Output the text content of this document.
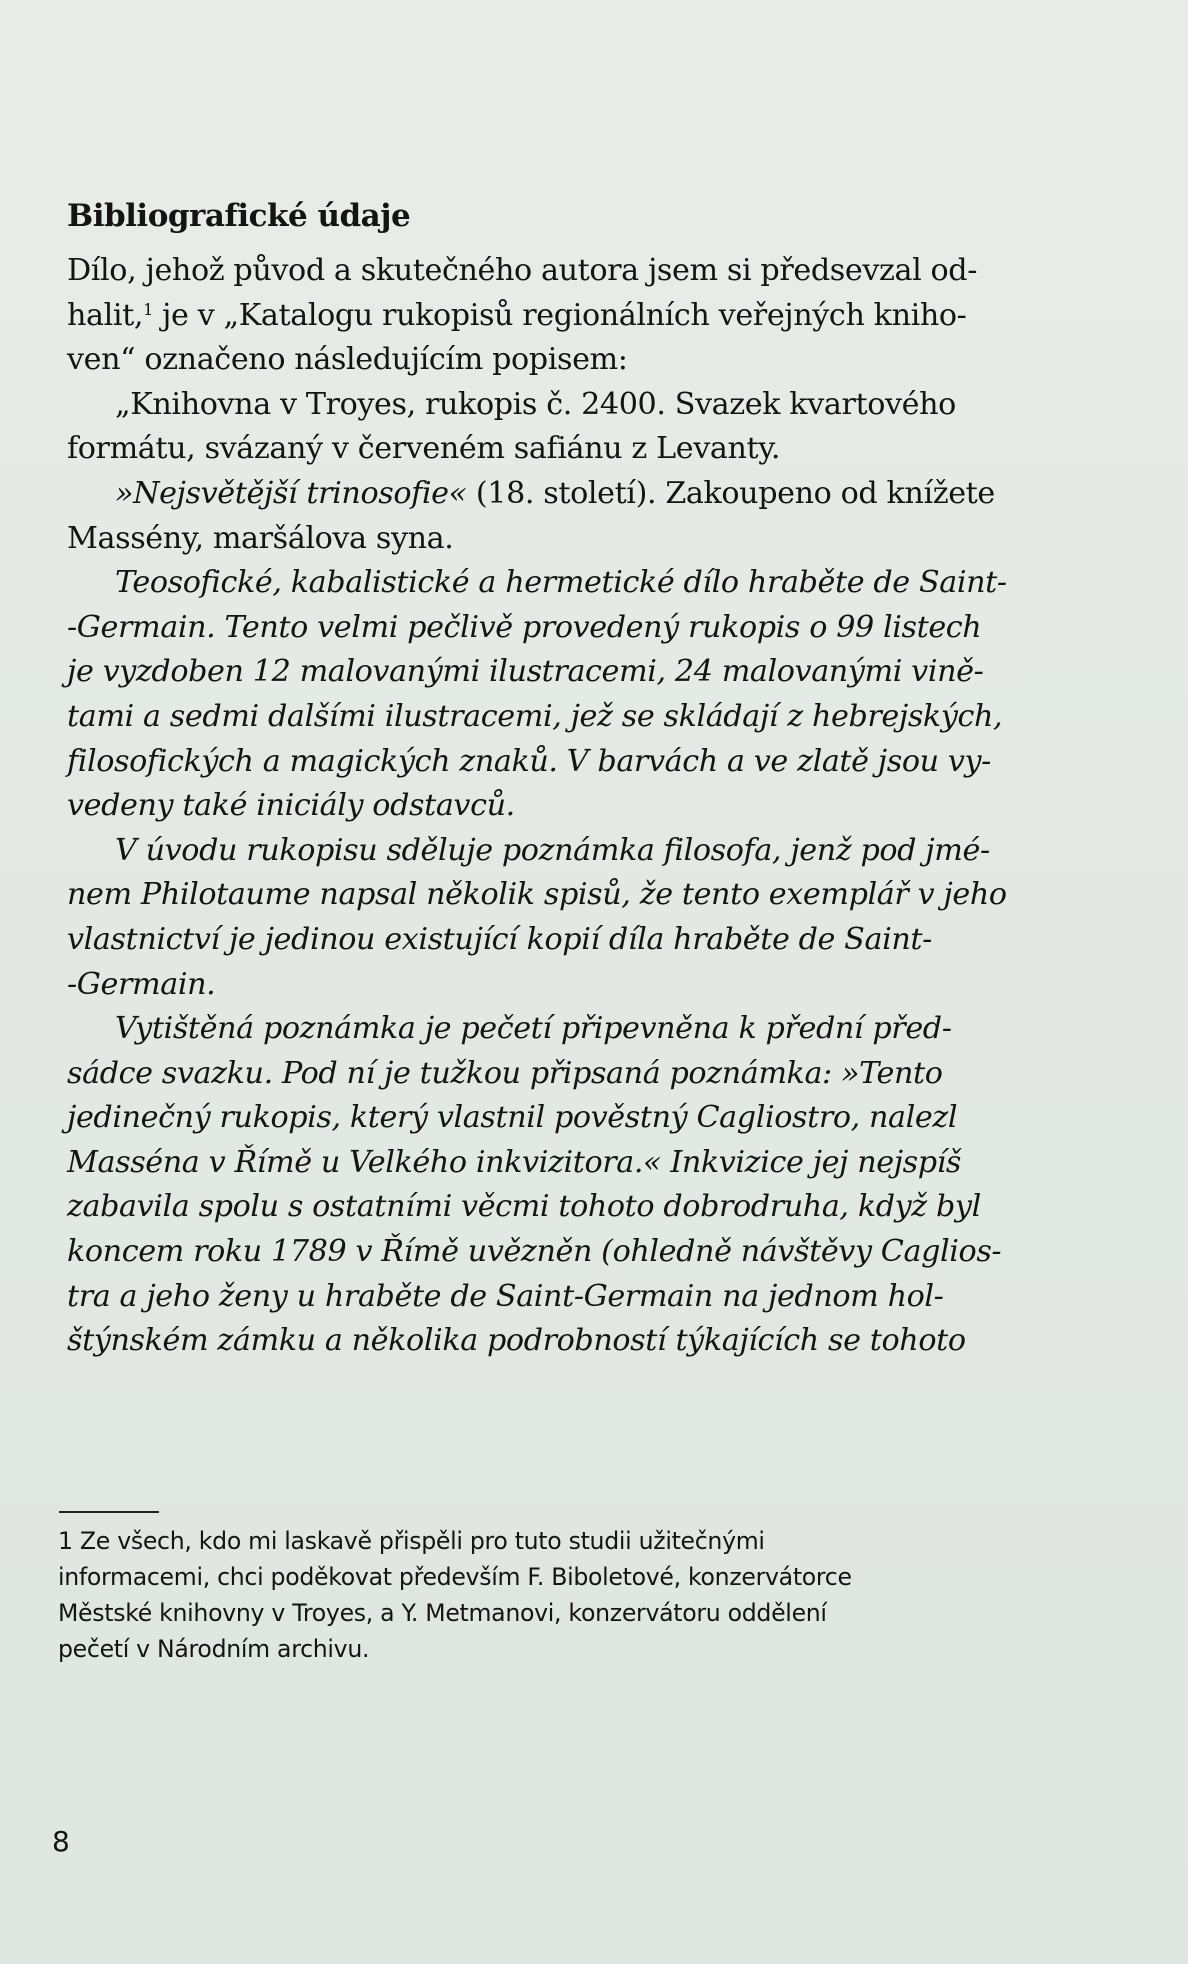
Bibliografické údaje
Dílo, jehož původ a skutečného autora jsem si předsevzal od-
halit,$^1$ je v „Katalogu rukopisů regionálních veřejných kniho-
ven“ označeno následujícím popisem:
„Knihovna v Troyes, rukopis č. 2400. Svazek kvartového
formátu, svázaný v červeném safiánu z Levanty.
»Nejsvětější trinosofie« (18. století). Zakoupeno od knížete
Massény, maršálova syna.
Teosofické, kabalistické a hermetické dílo hraběte de Saint-
-Germain. Tento velmi pečlivě provedený rukopis o 99 listech
je vyzdoben 12 malovanými ilustracemi, 24 malovanými vině-
tami a sedmi dalšími ilustracemi, jež se skládají z hebrejských,
filosofických a magických znaků. V barvách a ve zlatě jsou vy-
vedeny také iniciály odstavců.
V úvodu rukopisu sděluje poznámka filosofa, jenž pod jmé-
nem Philotaume napsal několik spisů, že tento exemplář v jeho
vlastnictví je jedinou existující kopií díla hraběte de Saint-
-Germain.
Vytištěná poznámka je pečetí připevněna k přední před-
sádce svazku. Pod ní je tužkou připsaná poznámka: »Tento
jedinečný rukopis, který vlastnil pověstný Cagliostro, nalezl
Masséna v Římě u Velkého inkvizitora.« Inkvizice jej nejspíš
zabavila spolu s ostatními věcmi tohoto dobrodruha, když byl
koncem roku 1789 v Římě uvězněn (ohledně návštěvy Caglios-
tra a jeho ženy u hraběte de Saint-Germain na jednom hol-
štýnském zámku a několika podrobností týkajících se tohoto
1 Ze všech, kdo mi laskavě přispěli pro tuto studii užitečnými
informacemi, chci poděkovat především F. Biboletové, konzervátorce
Městské knihovny v Troyes, a Y. Metmanovi, konzervátoru oddělení
pečetí v Národním archivu.
8
